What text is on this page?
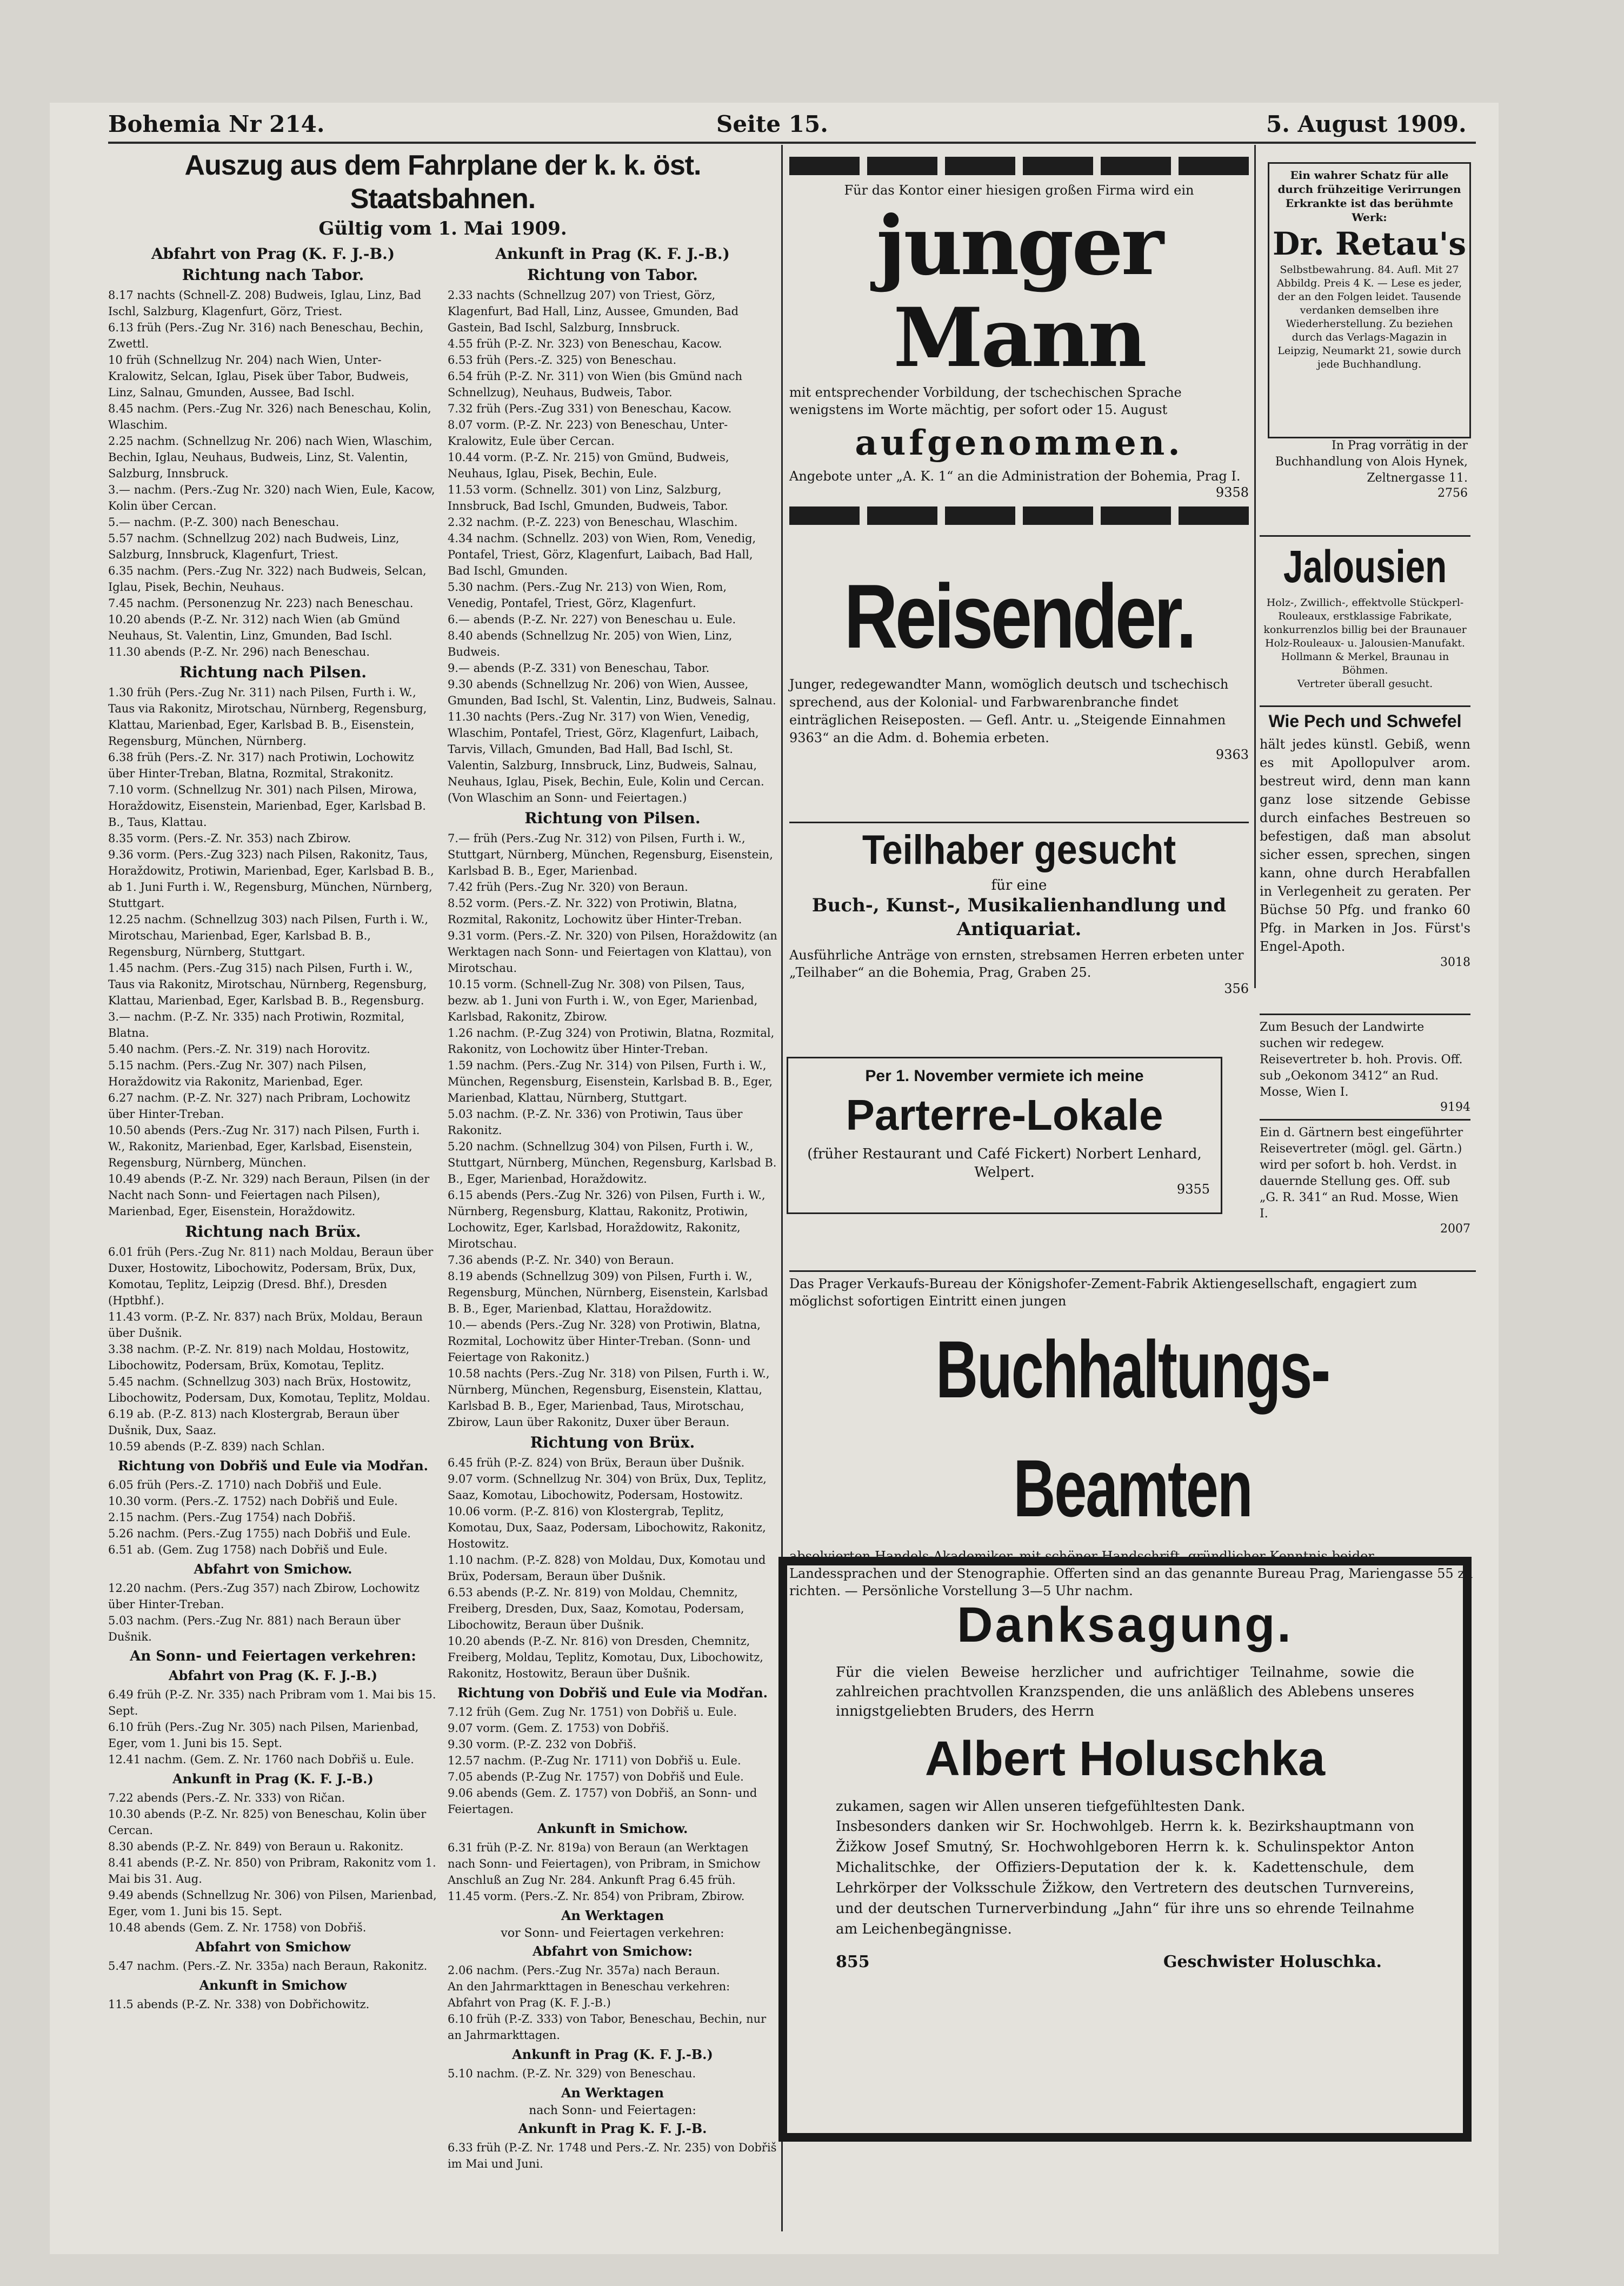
Bohemia Nr 214.	Seite 15.	5. August 1909.
Auszug aus dem Fahrplane der k. k. öst. Staatsbahnen.
Gültig vom 1. Mai 1909.
Abfahrt von Prag (K. F. J.-B.)
Richtung nach Tabor.

8.17 nachts (Schnell-Z. 208) Budweis, Iglau, Linz, Bad Ischl, Salzburg, Klagenfurt, Görz, Triest.

6.13 früh (Pers.-Zug Nr. 316) nach Beneschau, Bechin, Zwettl.

10 früh (Schnellzug Nr. 204) nach Wien, Unter-Kralowitz, Selcan, Iglau, Pisek über Tabor, Budweis, Linz, Salnau, Gmunden, Aussee, Bad Ischl.

8.45 nachm. (Pers.-Zug Nr. 326) nach Beneschau, Kolin, Wlaschim.

2.25 nachm. (Schnellzug Nr. 206) nach Wien, Wlaschim, Bechin, Iglau, Neuhaus, Budweis, Linz, St. Valentin, Salzburg, Innsbruck.

3.— nachm. (Pers.-Zug Nr. 320) nach Wien, Eule, Kacow, Kolin über Cercan.

5.— nachm. (P.-Z. 300) nach Beneschau.

5.57 nachm. (Schnellzug 202) nach Budweis, Linz, Salzburg, Innsbruck, Klagenfurt, Triest.

6.35 nachm. (Pers.-Zug Nr. 322) nach Budweis, Selcan, Iglau, Pisek, Bechin, Neuhaus.

7.45 nachm. (Personenzug Nr. 223) nach Beneschau.

10.20 abends (P.-Z. Nr. 312) nach Wien (ab Gmünd Neuhaus, St. Valentin, Linz, Gmunden, Bad Ischl.

11.30 abends (P.-Z. Nr. 296) nach Beneschau.

Richtung nach Pilsen.

1.30 früh (Pers.-Zug Nr. 311) nach Pilsen, Furth i. W., Taus via Rakonitz, Mirotschau, Nürnberg, Regensburg, Klattau, Marienbad, Eger, Karlsbad B. B., Eisenstein, Regensburg, München, Nürnberg.

6.38 früh (Pers.-Z. Nr. 317) nach Protiwin, Lochowitz über Hinter-Treban, Blatna, Rozmital, Strakonitz.

7.10 vorm. (Schnellzug Nr. 301) nach Pilsen, Mirowa, Horaždowitz, Eisenstein, Marienbad, Eger, Karlsbad B. B., Taus, Klattau.

8.35 vorm. (Pers.-Z. Nr. 353) nach Zbirow.

9.36 vorm. (Pers.-Zug 323) nach Pilsen, Rakonitz, Taus, Horaždowitz, Protiwin, Marienbad, Eger, Karlsbad B. B., ab 1. Juni Furth i. W., Regensburg, München, Nürnberg, Stuttgart.

12.25 nachm. (Schnellzug 303) nach Pilsen, Furth i. W., Mirotschau, Marienbad, Eger, Karlsbad B. B., Regensburg, Nürnberg, Stuttgart.

1.45 nachm. (Pers.-Zug 315) nach Pilsen, Furth i. W., Taus via Rakonitz, Mirotschau, Nürnberg, Regensburg, Klattau, Marienbad, Eger, Karlsbad B. B., Regensburg.

3.— nachm. (P.-Z. Nr. 335) nach Protiwin, Rozmital, Blatna.

5.40 nachm. (Pers.-Z. Nr. 319) nach Horovitz.

5.15 nachm. (Pers.-Zug Nr. 307) nach Pilsen, Horaždowitz via Rakonitz, Marienbad, Eger.

6.27 nachm. (P.-Z. Nr. 327) nach Pribram, Lochowitz über Hinter-Treban.

10.50 abends (Pers.-Zug Nr. 317) nach Pilsen, Furth i. W., Rakonitz, Marienbad, Eger, Karlsbad, Eisenstein, Regensburg, Nürnberg, München.

10.49 abends (P.-Z. Nr. 329) nach Beraun, Pilsen (in der Nacht nach Sonn- und Feiertagen nach Pilsen), Marienbad, Eger, Eisenstein, Horaždowitz.

Richtung nach Brüx.

6.01 früh (Pers.-Zug Nr. 811) nach Moldau, Beraun über Duxer, Hostowitz, Libochowitz, Podersam, Brüx, Dux, Komotau, Teplitz, Leipzig (Dresd. Bhf.), Dresden (Hptbhf.).

11.43 vorm. (P.-Z. Nr. 837) nach Brüx, Moldau, Beraun über Dušnik.

3.38 nachm. (P.-Z. Nr. 819) nach Moldau, Hostowitz, Libochowitz, Podersam, Brüx, Komotau, Teplitz.

5.45 nachm. (Schnellzug 303) nach Brüx, Hostowitz, Libochowitz, Podersam, Dux, Komotau, Teplitz, Moldau.

6.19 ab. (P.-Z. 813) nach Klostergrab, Beraun über Dušnik, Dux, Saaz.

10.59 abends (P.-Z. 839) nach Schlan.

Richtung von Dobřiš und Eule via Modřan.

6.05 früh (Pers.-Z. 1710) nach Dobřiš und Eule.

10.30 vorm. (Pers.-Z. 1752) nach Dobřiš und Eule.

2.15 nachm. (Pers.-Zug 1754) nach Dobřiš.

5.26 nachm. (Pers.-Zug 1755) nach Dobřiš und Eule.

6.51 ab. (Gem. Zug 1758) nach Dobřiš und Eule.

Abfahrt von Smichow.

12.20 nachm. (Pers.-Zug 357) nach Zbirow, Lochowitz über Hinter-Treban.

5.03 nachm. (Pers.-Zug Nr. 881) nach Beraun über Dušnik.

An Sonn- und Feiertagen verkehren:
Abfahrt von Prag (K. F. J.-B.)

6.49 früh (P.-Z. Nr. 335) nach Pribram vom 1. Mai bis 15. Sept.

6.10 früh (Pers.-Zug Nr. 305) nach Pilsen, Marienbad, Eger, vom 1. Juni bis 15. Sept.

12.41 nachm. (Gem. Z. Nr. 1760 nach Dobřiš u. Eule.

Ankunft in Prag (K. F. J.-B.)

7.22 abends (Pers.-Z. Nr. 333) von Ričan.

10.30 abends (P.-Z. Nr. 825) von Beneschau, Kolin über Cercan.

8.30 abends (P.-Z. Nr. 849) von Beraun u. Rakonitz.

8.41 abends (P.-Z. Nr. 850) von Pribram, Rakonitz vom 1. Mai bis 31. Aug.

9.49 abends (Schnellzug Nr. 306) von Pilsen, Marienbad, Eger, vom 1. Juni bis 15. Sept.

10.48 abends (Gem. Z. Nr. 1758) von Dobřiš.

Abfahrt von Smichow

5.47 nachm. (Pers.-Z. Nr. 335a) nach Beraun, Rakonitz.

Ankunft in Smichow

11.5 abends (P.-Z. Nr. 338) von Dobřichowitz.

Ankunft in Prag (K. F. J.-B.)
Richtung von Tabor.

2.33 nachts (Schnellzug 207) von Triest, Görz, Klagenfurt, Bad Hall, Linz, Aussee, Gmunden, Bad Gastein, Bad Ischl, Salzburg, Innsbruck.

4.55 früh (P.-Z. Nr. 323) von Beneschau, Kacow.

6.53 früh (Pers.-Z. 325) von Beneschau.

6.54 früh (P.-Z. Nr. 311) von Wien (bis Gmünd nach Schnellzug), Neuhaus, Budweis, Tabor.

7.32 früh (Pers.-Zug 331) von Beneschau, Kacow.

8.07 vorm. (P.-Z. Nr. 223) von Beneschau, Unter-Kralowitz, Eule über Cercan.

10.44 vorm. (P.-Z. Nr. 215) von Gmünd, Budweis, Neuhaus, Iglau, Pisek, Bechin, Eule.

11.53 vorm. (Schnellz. 301) von Linz, Salzburg, Innsbruck, Bad Ischl, Gmunden, Budweis, Tabor.

2.32 nachm. (P.-Z. 223) von Beneschau, Wlaschim.

4.34 nachm. (Schnellz. 203) von Wien, Rom, Venedig, Pontafel, Triest, Görz, Klagenfurt, Laibach, Bad Hall, Bad Ischl, Gmunden.

5.30 nachm. (Pers.-Zug Nr. 213) von Wien, Rom, Venedig, Pontafel, Triest, Görz, Klagenfurt.

6.— abends (P.-Z. Nr. 227) von Beneschau u. Eule.

8.40 abends (Schnellzug Nr. 205) von Wien, Linz, Budweis.

9.— abends (P.-Z. 331) von Beneschau, Tabor.

9.30 abends (Schnellzug Nr. 206) von Wien, Aussee, Gmunden, Bad Ischl, St. Valentin, Linz, Budweis, Salnau.

11.30 nachts (Pers.-Zug Nr. 317) von Wien, Venedig, Wlaschim, Pontafel, Triest, Görz, Klagenfurt, Laibach, Tarvis, Villach, Gmunden, Bad Hall, Bad Ischl, St. Valentin, Salzburg, Innsbruck, Linz, Budweis, Salnau, Neuhaus, Iglau, Pisek, Bechin, Eule, Kolin und Cercan. (Von Wlaschim an Sonn- und Feiertagen.)

Richtung von Pilsen.

7.— früh (Pers.-Zug Nr. 312) von Pilsen, Furth i. W., Stuttgart, Nürnberg, München, Regensburg, Eisenstein, Karlsbad B. B., Eger, Marienbad.

7.42 früh (Pers.-Zug Nr. 320) von Beraun.

8.52 vorm. (Pers.-Z. Nr. 322) von Protiwin, Blatna, Rozmital, Rakonitz, Lochowitz über Hinter-Treban.

9.31 vorm. (Pers.-Z. Nr. 320) von Pilsen, Horaždowitz (an Werktagen nach Sonn- und Feiertagen von Klattau), von Mirotschau.

10.15 vorm. (Schnell-Zug Nr. 308) von Pilsen, Taus, bezw. ab 1. Juni von Furth i. W., von Eger, Marienbad, Karlsbad, Rakonitz, Zbirow.

1.26 nachm. (P.-Zug 324) von Protiwin, Blatna, Rozmital, Rakonitz, von Lochowitz über Hinter-Treban.

1.59 nachm. (Pers.-Zug Nr. 314) von Pilsen, Furth i. W., München, Regensburg, Eisenstein, Karlsbad B. B., Eger, Marienbad, Klattau, Nürnberg, Stuttgart.

5.03 nachm. (P.-Z. Nr. 336) von Protiwin, Taus über Rakonitz.

5.20 nachm. (Schnellzug 304) von Pilsen, Furth i. W., Stuttgart, Nürnberg, München, Regensburg, Karlsbad B. B., Eger, Marienbad, Horaždowitz.

6.15 abends (Pers.-Zug Nr. 326) von Pilsen, Furth i. W., Nürnberg, Regensburg, Klattau, Rakonitz, Protiwin, Lochowitz, Eger, Karlsbad, Horaždowitz, Rakonitz, Mirotschau.

7.36 abends (P.-Z. Nr. 340) von Beraun.

8.19 abends (Schnellzug 309) von Pilsen, Furth i. W., Regensburg, München, Nürnberg, Eisenstein, Karlsbad B. B., Eger, Marienbad, Klattau, Horaždowitz.

10.— abends (Pers.-Zug Nr. 328) von Protiwin, Blatna, Rozmital, Lochowitz über Hinter-Treban. (Sonn- und Feiertage von Rakonitz.)

10.58 nachts (Pers.-Zug Nr. 318) von Pilsen, Furth i. W., Nürnberg, München, Regensburg, Eisenstein, Klattau, Karlsbad B. B., Eger, Marienbad, Taus, Mirotschau, Zbirow, Laun über Rakonitz, Duxer über Beraun.

Richtung von Brüx.

6.45 früh (P.-Z. 824) von Brüx, Beraun über Dušnik.

9.07 vorm. (Schnellzug Nr. 304) von Brüx, Dux, Teplitz, Saaz, Komotau, Libochowitz, Podersam, Hostowitz.

10.06 vorm. (P.-Z. 816) von Klostergrab, Teplitz, Komotau, Dux, Saaz, Podersam, Libochowitz, Rakonitz, Hostowitz.

1.10 nachm. (P.-Z. 828) von Moldau, Dux, Komotau und Brüx, Podersam, Beraun über Dušnik.

6.53 abends (P.-Z. Nr. 819) von Moldau, Chemnitz, Freiberg, Dresden, Dux, Saaz, Komotau, Podersam, Libochowitz, Beraun über Dušnik.

10.20 abends (P.-Z. Nr. 816) von Dresden, Chemnitz, Freiberg, Moldau, Teplitz, Komotau, Dux, Libochowitz, Rakonitz, Hostowitz, Beraun über Dušnik.

Richtung von Dobřiš und Eule via Modřan.

7.12 früh (Gem. Zug Nr. 1751) von Dobřiš u. Eule.

9.07 vorm. (Gem. Z. 1753) von Dobřiš.

9.30 vorm. (P.-Z. 232 von Dobřiš.

12.57 nachm. (P.-Zug Nr. 1711) von Dobřiš u. Eule.

7.05 abends (P.-Zug Nr. 1757) von Dobřiš und Eule.

9.06 abends (Gem. Z. 1757) von Dobřiš, an Sonn- und Feiertagen.

Ankunft in Smichow.

6.31 früh (P.-Z. Nr. 819a) von Beraun (an Werktagen nach Sonn- und Feiertagen), von Pribram, in Smichow Anschluß an Zug Nr. 284. Ankunft Prag 6.45 früh.

11.45 vorm. (Pers.-Z. Nr. 854) von Pribram, Zbirow.

An Werktagen
vor Sonn- und Feiertagen verkehren:
Abfahrt von Smichow:

2.06 nachm. (Pers.-Zug Nr. 357a) nach Beraun.

An den Jahrmarkttagen in Beneschau verkehren:

Abfahrt von Prag (K. F. J.-B.)

6.10 früh (P.-Z. 333) von Tabor, Beneschau, Bechin, nur an Jahrmarkttagen.

Ankunft in Prag (K. F. J.-B.)

5.10 nachm. (P.-Z. Nr. 329) von Beneschau.

An Werktagen
nach Sonn- und Feiertagen:
Ankunft in Prag K. F. J.-B.

6.33 früh (P.-Z. Nr. 1748 und Pers.-Z. Nr. 235) von Dobřiš im Mai und Juni.

Für das Kontor einer hiesigen großen Firma wird ein
junger Mann
mit entsprechender Vorbildung, der tschechischen Sprache wenigstens im Worte mächtig, per sofort oder 15. August
aufgenommen.
Angebote unter „A. K. 1“ an die Administration der Bohemia, Prag I.
9358
Reisender.
Junger, redegewandter Mann, womöglich deutsch und tschechisch sprechend, aus der Kolonial- und Farbwarenbranche findet einträglichen Reiseposten. — Gefl. Antr. u. „Steigende Einnahmen 9363“ an die Adm. d. Bohemia erbeten.
9363
Teilhaber gesucht
für eine
Buch-, Kunst-, Musikalienhandlung und Antiquariat.
Ausführliche Anträge von ernsten, strebsamen Herren erbeten unter „Teilhaber“ an die Bohemia, Prag, Graben 25.
356
Per 1. November vermiete ich meine
Parterre-Lokale
(früher Restaurant und Café Fickert) Norbert Lenhard, Welpert.
9355
Ein wahrer Schatz für alle durch frühzeitige Verirrungen Erkrankte ist das berühmte Werk:
Dr. Retau's
Selbstbewahrung. 84. Aufl. Mit 27 Abbildg. Preis 4 K. — Lese es jeder, der an den Folgen leidet. Tausende verdanken demselben ihre Wiederherstellung. Zu beziehen durch das Verlags-Magazin in Leipzig, Neumarkt 21, sowie durch jede Buchhandlung.
In Prag vorrätig in der Buchhandlung von Alois Hynek, Zeltnergasse 11.
2756
Jalousien
Holz-, Zwillich-, effektvolle Stückperl-Rouleaux, erstklassige Fabrikate, konkurrenzlos billig bei der Braunauer Holz-Rouleaux- u. Jalousien-Manufakt. Hollmann & Merkel, Braunau in Böhmen.
Vertreter überall gesucht.
Wie Pech und Schwefel
hält jedes künstl. Gebiß, wenn es mit Apollopulver arom. bestreut wird, denn man kann ganz lose sitzende Gebisse durch einfaches Bestreuen so befestigen, daß man absolut sicher essen, sprechen, singen kann, ohne durch Herabfallen in Verlegenheit zu geraten. Per Büchse 50 Pfg. und franko 60 Pfg. in Marken in Jos. Fürst's Engel-Apoth.
3018
Zum Besuch der Landwirte suchen wir redegew. Reisevertreter b. hoh. Provis. Off. sub „Oekonom 3412“ an Rud. Mosse, Wien I.
9194
Ein d. Gärtnern best eingeführter Reisevertreter (mögl. gel. Gärtn.) wird per sofort b. hoh. Verdst. in dauernde Stellung ges. Off. sub „G. R. 341“ an Rud. Mosse, Wien I.
2007
Das Prager Verkaufs-Bureau der Königshofer-Zement-Fabrik Aktiengesellschaft, engagiert zum möglichst sofortigen Eintritt einen jungen
Buchhaltungs-Beamten
absolvierten Handels-Akademiker, mit schöner Handschrift, gründlicher Kenntnis beider Landessprachen und der Stenographie. Offerten sind an das genannte Bureau Prag, Mariengasse 55 zu richten. — Persönliche Vorstellung 3—5 Uhr nachm.
Danksagung.
Für die vielen Beweise herzlicher und aufrichtiger Teilnahme, sowie die zahlreichen prachtvollen Kranzspenden, die uns anläßlich des Ablebens unseres innigstgeliebten Bruders, des Herrn
Albert Holuschka
zukamen, sagen wir Allen unseren tiefgefühltesten Dank.
Insbesonders danken wir Sr. Hochwohlgeb. Herrn k. k. Bezirkshauptmann von Žižkow Josef Smutný, Sr. Hochwohlgeboren Herrn k. k. Schulinspektor Anton Michalitschke, der Offiziers-Deputation der k. k. Kadettenschule, dem Lehrkörper der Volksschule Žižkow, den Vertretern des deutschen Turnvereins, und der deutschen Turnerverbindung „Jahn“ für ihre uns so ehrende Teilnahme am Leichenbegängnisse.
855	Geschwister Holuschka.
